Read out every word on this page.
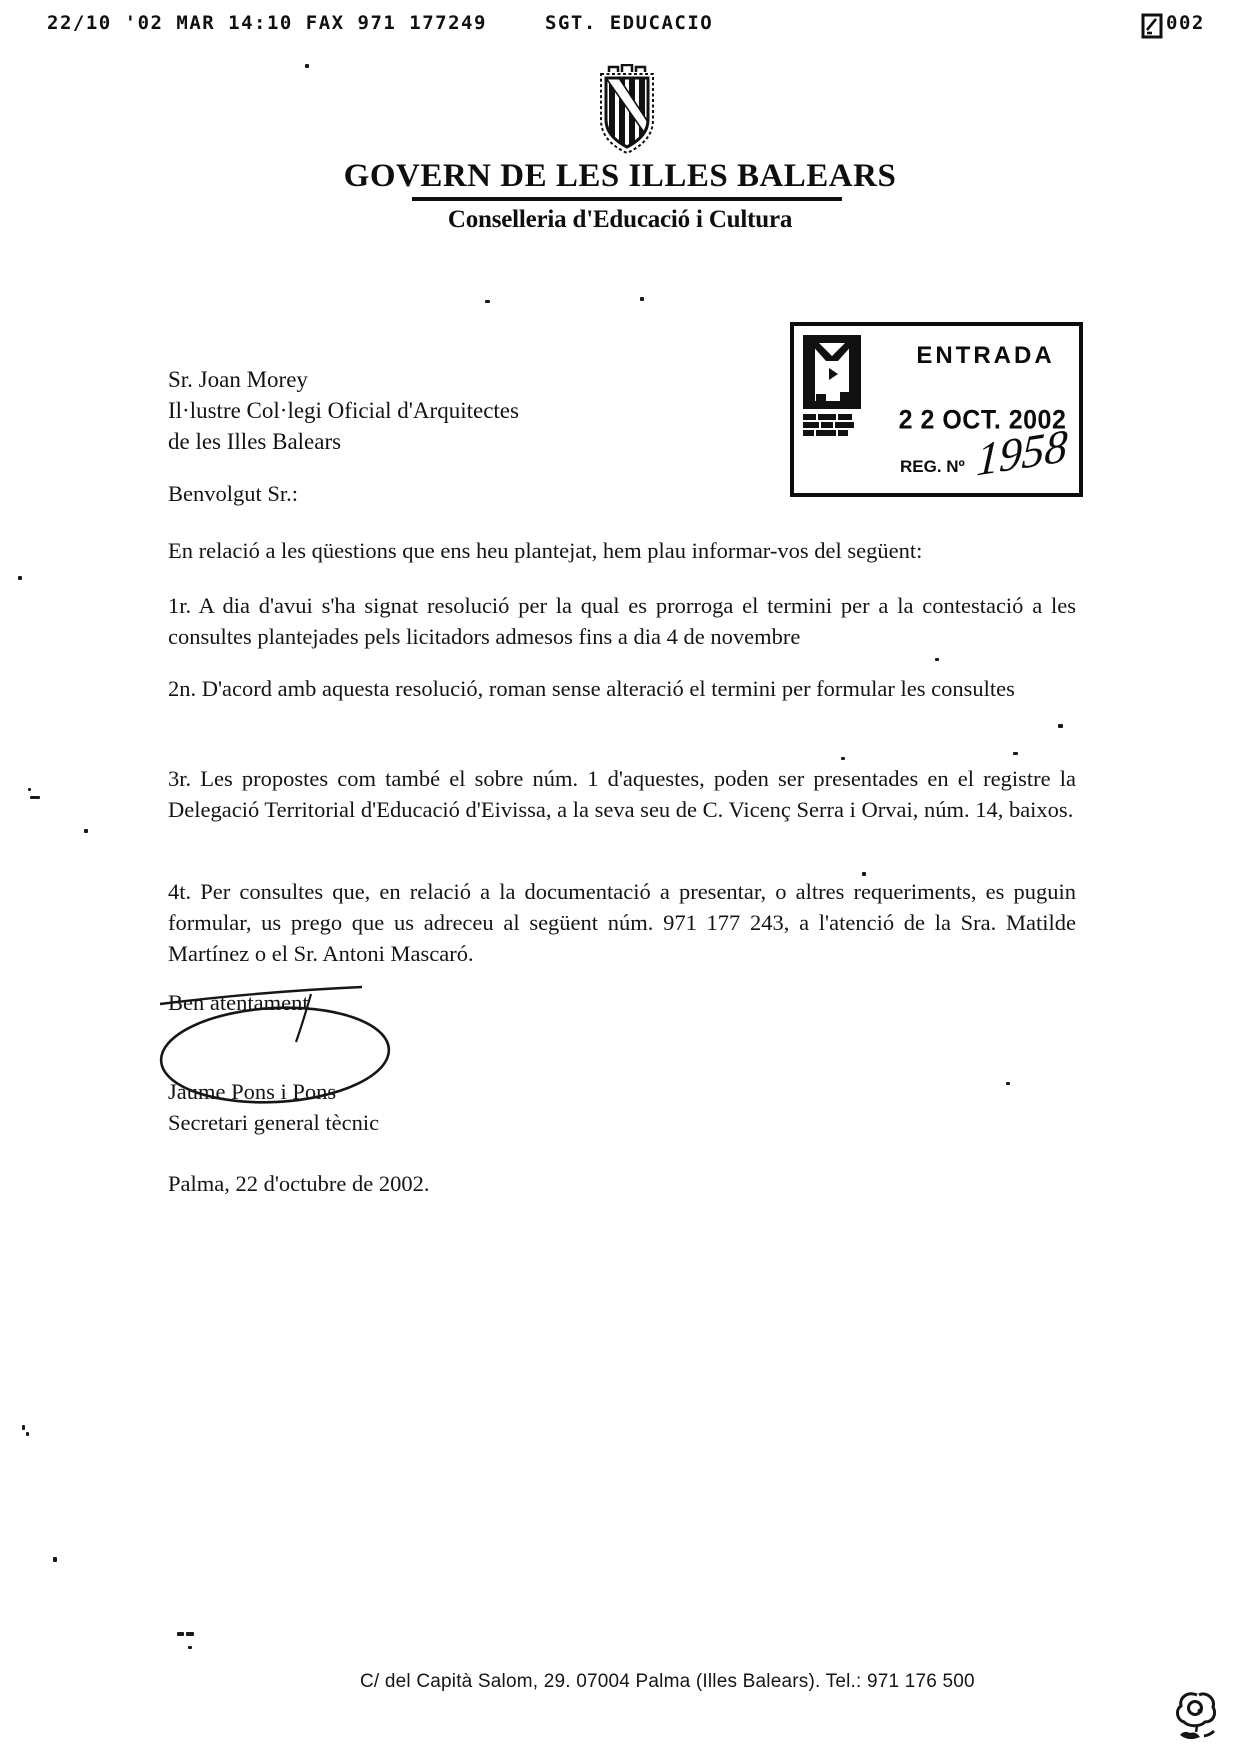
22/10 '02 MAR 14:10 FAX 971 177249	SGT. EDUCACIO	002
GOVERN DE LES ILLES BALEARS
Conselleria d'Educació i Cultura
Sr. Joan Morey
Il·lustre Col·legi Oficial d'Arquitectes
de les Illes Balears
ENTRADA
2 2 OCT. 2002
REG. Nº 1958
Benvolgut Sr.:
En relació a les qüestions que ens heu plantejat, hem plau informar-vos del següent:
1r. A dia d'avui s'ha signat resolució per la qual es prorroga el termini per a la contestació a les consultes plantejades pels licitadors admesos fins a dia 4 de novembre
2n. D'acord amb aquesta resolució, roman sense alteració el termini per formular les consultes
3r. Les propostes com també el sobre núm. 1 d'aquestes, poden ser presentades en el registre la Delegació Territorial d'Educació d'Eivissa, a la seva seu de C. Vicenç Serra i Orvai, núm. 14, baixos.
4t. Per consultes que, en relació a la documentació a presentar, o altres requeriments, es puguin formular, us prego que us adreceu al següent núm. 971 177 243, a l'atenció de la Sra. Matilde Martínez o el Sr. Antoni Mascaró.
Ben atentament
Jaume Pons i Pons
Secretari general tècnic
Palma, 22 d'octubre de 2002.
C/ del Capità Salom, 29. 07004 Palma (Illes Balears). Tel.: 971 176 500
